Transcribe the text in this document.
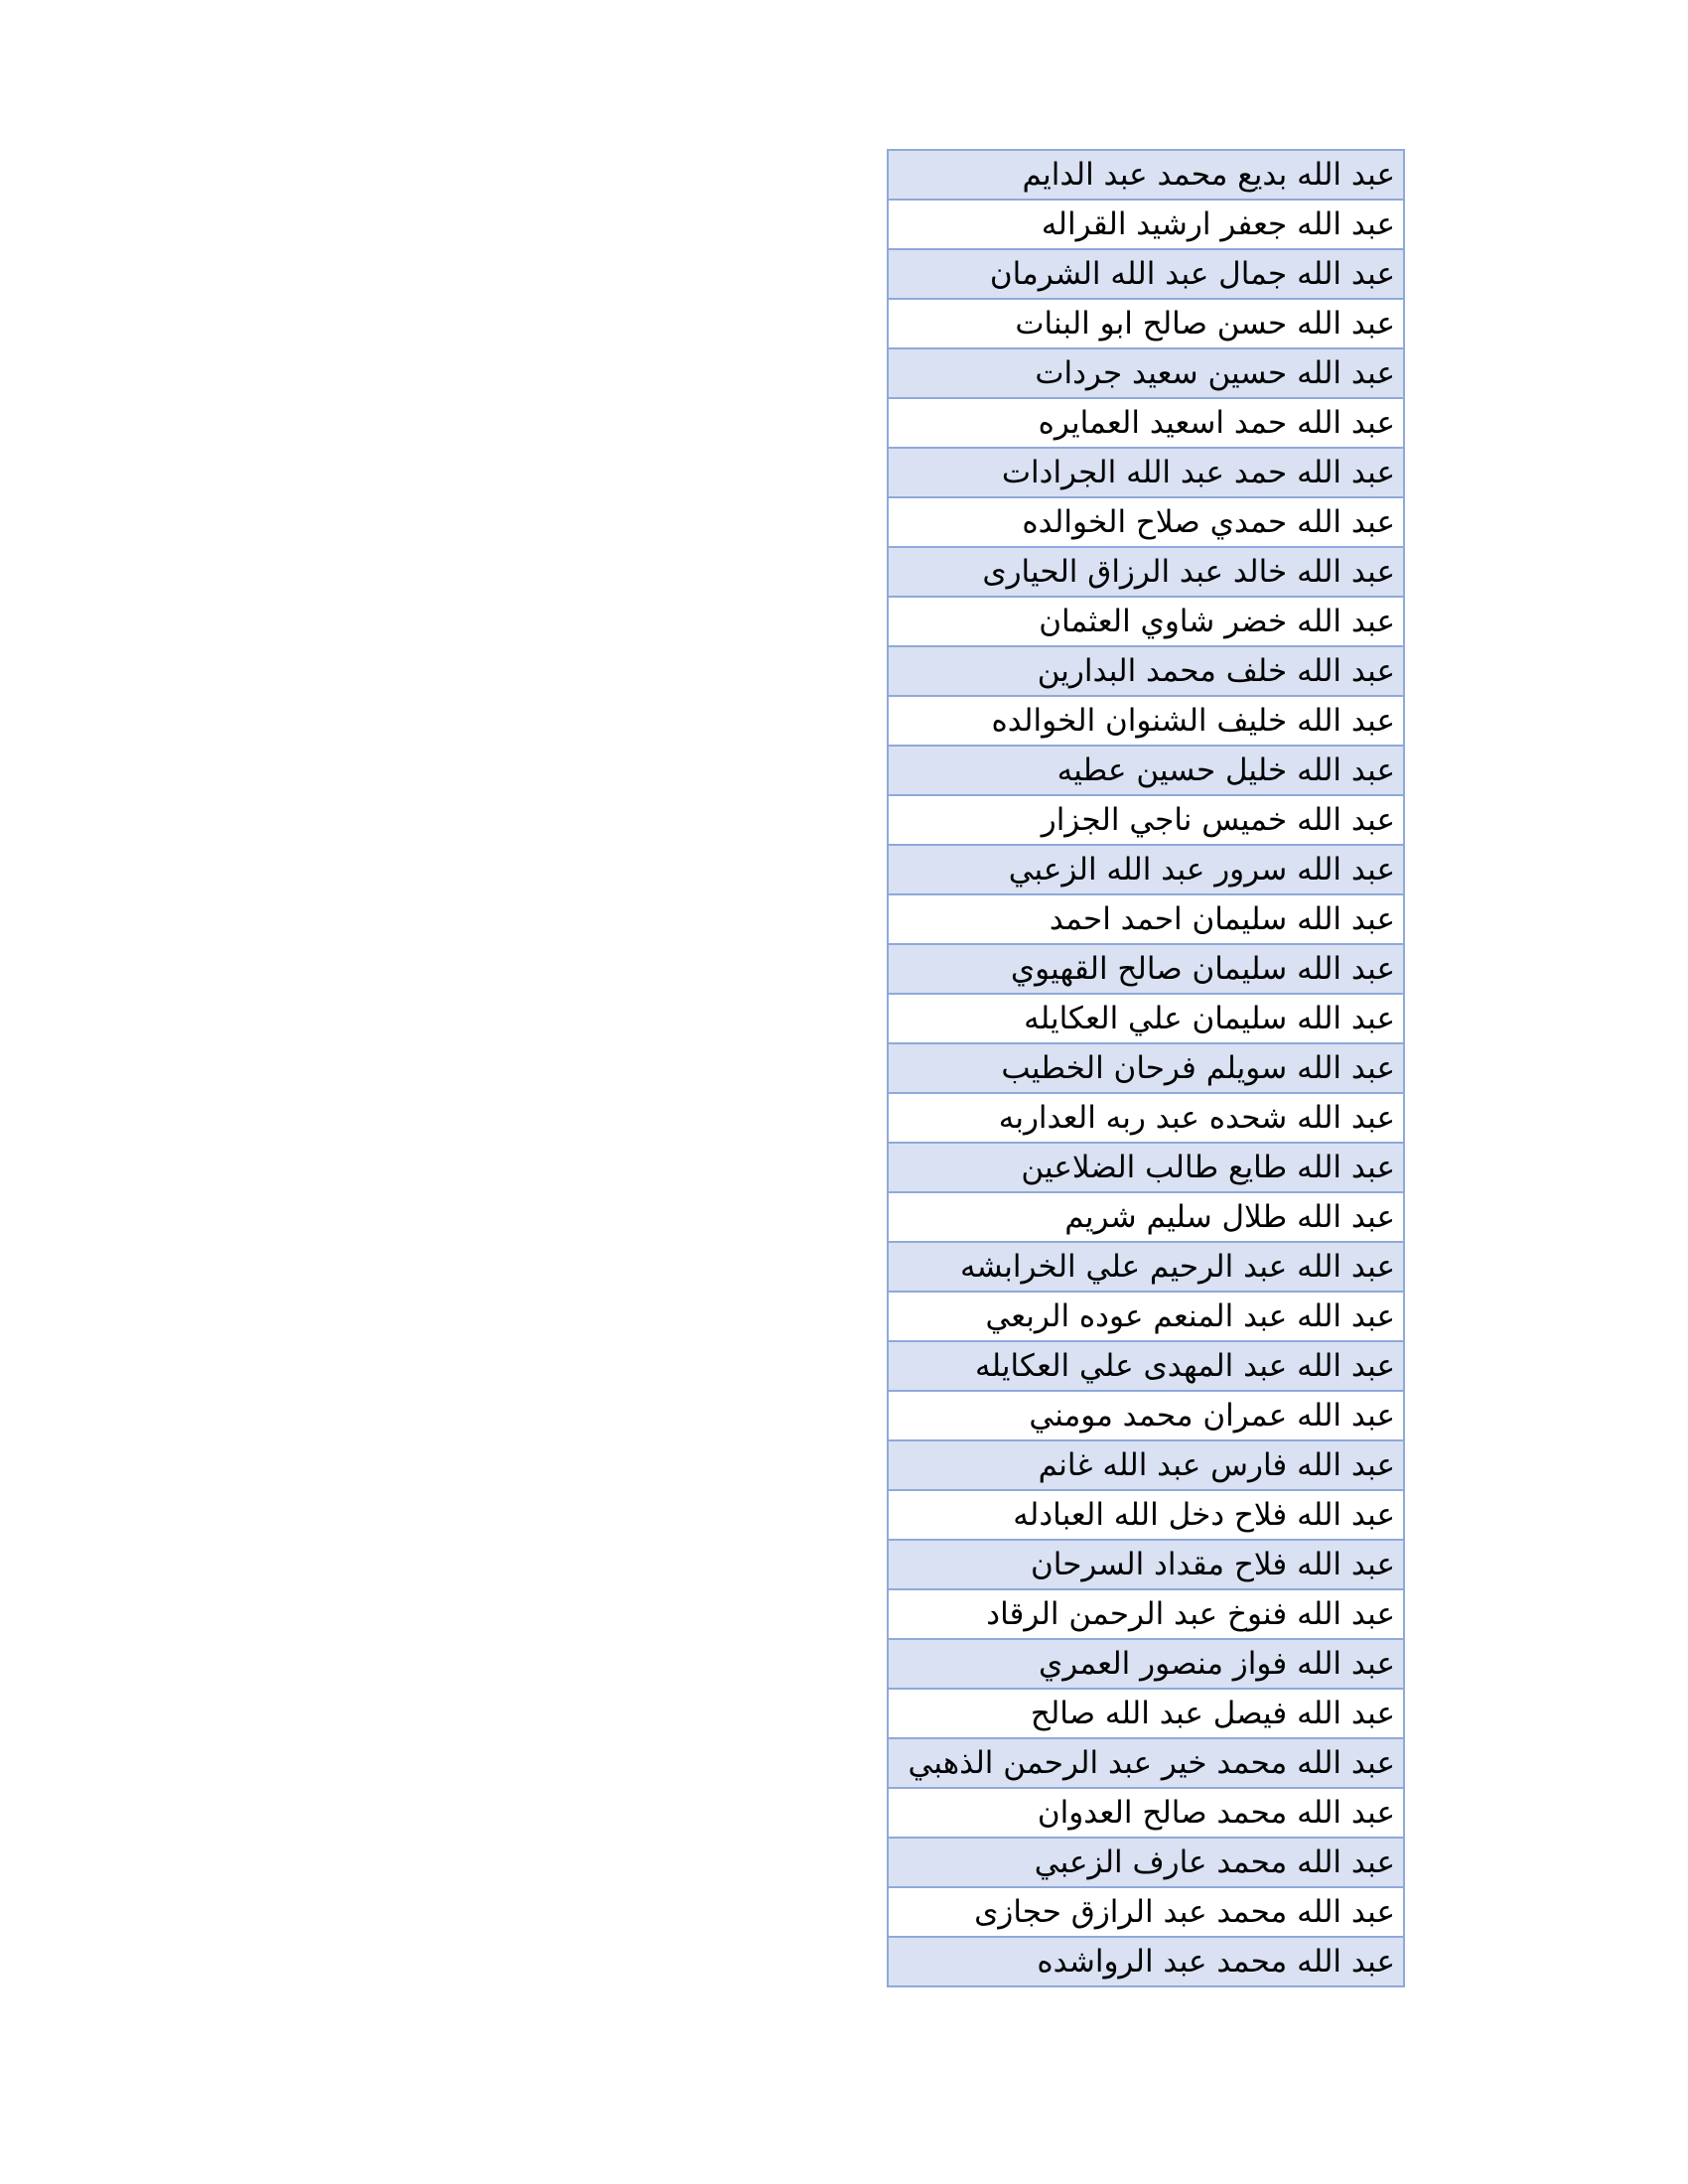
عبد الله بديع محمد عبد الدايم
عبد الله جعفر ارشيد القراله
عبد الله جمال عبد الله الشرمان
عبد الله حسن صالح ابو البنات
عبد الله حسين سعيد جردات
عبد الله حمد اسعيد العمايره
عبد الله حمد عبد الله الجرادات
عبد الله حمدي صلاح الخوالده
عبد الله خالد عبد الرزاق الحيارى
عبد الله خضر شاوي العثمان
عبد الله خلف محمد البدارين
عبد الله خليف الشنوان الخوالده
عبد الله خليل حسين عطيه
عبد الله خميس ناجي الجزار
عبد الله سرور عبد الله الزعبي
عبد الله سليمان احمد احمد
عبد الله سليمان صالح القهيوي
عبد الله سليمان علي العكايله
عبد الله سويلم فرحان الخطيب
عبد الله شحده عبد ربه العداربه
عبد الله طايع طالب الضلاعين
عبد الله طلال سليم شريم
عبد الله عبد الرحيم علي الخرابشه
عبد الله عبد المنعم عوده الربعي
عبد الله عبد المهدى علي العكايله
عبد الله عمران محمد مومني
عبد الله فارس عبد الله غانم
عبد الله فلاح دخل الله العبادله
عبد الله فلاح مقداد السرحان
عبد الله فنوخ عبد الرحمن الرقاد
عبد الله فواز منصور العمري
عبد الله فيصل عبد الله صالح
عبد الله محمد خير عبد الرحمن الذهبي
عبد الله محمد صالح العدوان
عبد الله محمد عارف الزعبي
عبد الله محمد عبد الرازق حجازى
عبد الله محمد عبد الرواشده
